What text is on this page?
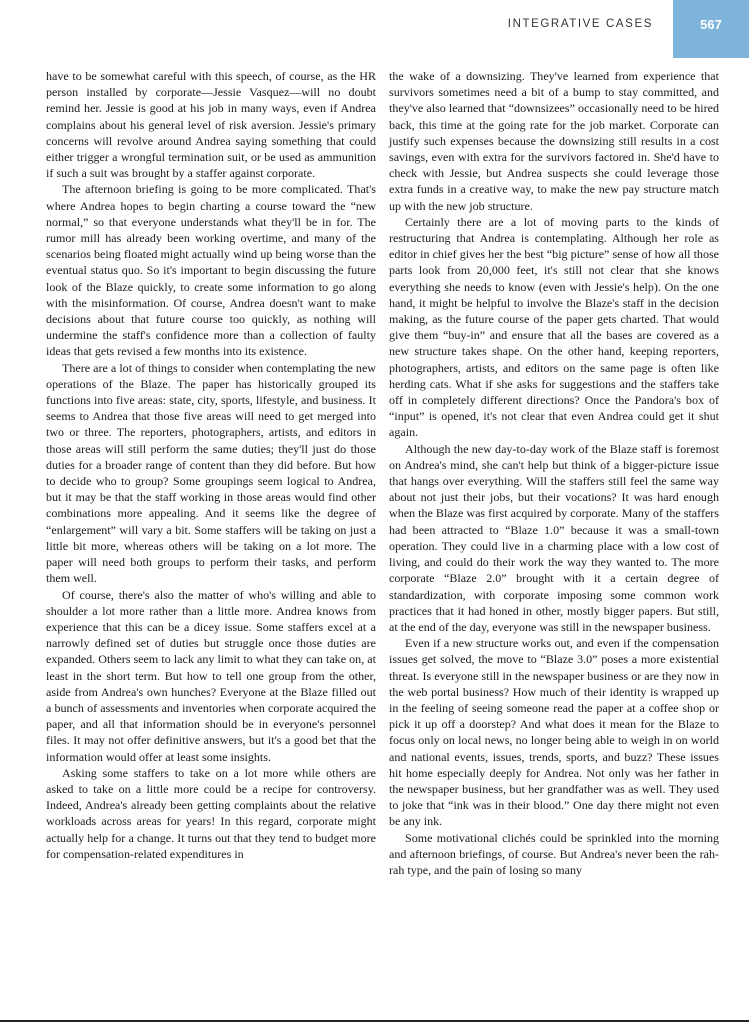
INTEGRATIVE CASES	567

have to be somewhat careful with this speech, of course, as the HR person installed by corporate—Jessie Vasquez—will no doubt remind her. Jessie is good at his job in many ways, even if Andrea complains about his general level of risk aversion. Jessie's primary concerns will revolve around Andrea saying something that could either trigger a wrongful termination suit, or be used as ammunition if such a suit was brought by a staffer against corporate.

The afternoon briefing is going to be more complicated. That's where Andrea hopes to begin charting a course toward the “new normal,” so that everyone understands what they'll be in for. The rumor mill has already been working overtime, and many of the scenarios being floated might actually wind up being worse than the eventual status quo. So it's important to begin discussing the future look of the Blaze quickly, to create some information to go along with the misinformation. Of course, Andrea doesn't want to make decisions about that future course too quickly, as nothing will undermine the staff's confidence more than a collection of faulty ideas that gets revised a few months into its existence.

There are a lot of things to consider when contemplating the new operations of the Blaze. The paper has historically grouped its functions into five areas: state, city, sports, lifestyle, and business. It seems to Andrea that those five areas will need to get merged into two or three. The reporters, photographers, artists, and editors in those areas will still perform the same duties; they'll just do those duties for a broader range of content than they did before. But how to decide who to group? Some groupings seem logical to Andrea, but it may be that the staff working in those areas would find other combinations more appealing. And it seems like the degree of “enlargement” will vary a bit. Some staffers will be taking on just a little bit more, whereas others will be taking on a lot more. The paper will need both groups to perform their tasks, and perform them well.

Of course, there's also the matter of who's willing and able to shoulder a lot more rather than a little more. Andrea knows from experience that this can be a dicey issue. Some staffers excel at a narrowly defined set of duties but struggle once those duties are expanded. Others seem to lack any limit to what they can take on, at least in the short term. But how to tell one group from the other, aside from Andrea's own hunches? Everyone at the Blaze filled out a bunch of assessments and inventories when corporate acquired the paper, and all that information should be in everyone's personnel files. It may not offer definitive answers, but it's a good bet that the information would offer at least some insights.

Asking some staffers to take on a lot more while others are asked to take on a little more could be a recipe for controversy. Indeed, Andrea's already been getting complaints about the relative workloads across areas for years! In this regard, corporate might actually help for a change. It turns out that they tend to budget more for compensation-related expenditures in

the wake of a downsizing. They've learned from experience that survivors sometimes need a bit of a bump to stay committed, and they've also learned that “downsizees” occasionally need to be hired back, this time at the going rate for the job market. Corporate can justify such expenses because the downsizing still results in a cost savings, even with extra for the survivors factored in. She'd have to check with Jessie, but Andrea suspects she could leverage those extra funds in a creative way, to make the new pay structure match up with the new job structure.

Certainly there are a lot of moving parts to the kinds of restructuring that Andrea is contemplating. Although her role as editor in chief gives her the best “big picture” sense of how all those parts look from 20,000 feet, it's still not clear that she knows everything she needs to know (even with Jessie's help). On the one hand, it might be helpful to involve the Blaze's staff in the decision making, as the future course of the paper gets charted. That would give them “buy-in” and ensure that all the bases are covered as a new structure takes shape. On the other hand, keeping reporters, photographers, artists, and editors on the same page is often like herding cats. What if she asks for suggestions and the staffers take off in completely different directions? Once the Pandora's box of “input” is opened, it's not clear that even Andrea could get it shut again.

Although the new day-to-day work of the Blaze staff is foremost on Andrea's mind, she can't help but think of a bigger-picture issue that hangs over everything. Will the staffers still feel the same way about not just their jobs, but their vocations? It was hard enough when the Blaze was first acquired by corporate. Many of the staffers had been attracted to “Blaze 1.0” because it was a small-town operation. They could live in a charming place with a low cost of living, and could do their work the way they wanted to. The more corporate “Blaze 2.0” brought with it a certain degree of standardization, with corporate imposing some common work practices that it had honed in other, mostly bigger papers. But still, at the end of the day, everyone was still in the newspaper business.

Even if a new structure works out, and even if the compensation issues get solved, the move to “Blaze 3.0” poses a more existential threat. Is everyone still in the newspaper business or are they now in the web portal business? How much of their identity is wrapped up in the feeling of seeing someone read the paper at a coffee shop or pick it up off a doorstep? And what does it mean for the Blaze to focus only on local news, no longer being able to weigh in on world and national events, issues, trends, sports, and buzz? These issues hit home especially deeply for Andrea. Not only was her father in the newspaper business, but her grandfather was as well. They used to joke that “ink was in their blood.” One day there might not even be any ink.

Some motivational clichés could be sprinkled into the morning and afternoon briefings, of course. But Andrea's never been the rah-rah type, and the pain of losing so many
